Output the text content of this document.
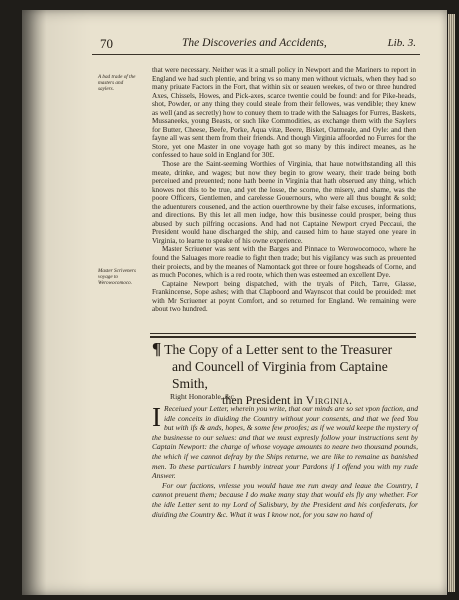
70	The Discoveries and Accidents,	Lib. 3.
A bad trade of the masters and saylers.
Master Scriveners voyage to Werowocomoco.

that were necessary. Neither was it a small policy in Newport and the Mariners to report in England we had such plentie, and bring vs so many men without victuals, when they had so many priuate Factors in the Fort, that within six or seauen weekes, of two or three hundred Axes, Chissels, Howes, and Pick-axes, scarce twentie could be found: and for Pike-heads, shot, Powder, or any thing they could steale from their fellowes, was vendible; they knew as well (and as secretly) how to conuey them to trade with the Saluages for Furres, Baskets, Mussaneeks, young Beasts, or such like Commodities, as exchange them with the Saylers for Butter, Cheese, Beefe, Porke, Aqua vitæ, Beere, Bisket, Oatmeale, and Oyle: and then fayne all was sent them from their friends. And though Virginia affoorded no Furres for the Store, yet one Master in one voyage hath got so many by this indirect meanes, as he confessed to haue sold in England for 30£.

Those are the Saint-seeming Worthies of Virginia, that haue notwithstanding all this meate, drinke, and wages; but now they begin to grow weary, their trade being both perceiued and preuented; none hath beene in Virginia that hath obserued any thing, which knowes not this to be true, and yet the losse, the scorne, the misery, and shame, was the poore Officers, Gentlemen, and carelesse Gouernours, who were all thus bought & sold; the aduenturers cousened, and the action ouerthrowne by their false excuses, informations, and directions. By this let all men iudge, how this businesse could prosper, being thus abused by such pilfring occasions. And had not Captaine Newport cryed Peccaui, the President would haue discharged the ship, and caused him to haue stayed one yeare in Virginia, to learne to speake of his owne experience.

Master Scriuener was sent with the Barges and Pinnace to Werowocomoco, where he found the Saluages more readie to fight then trade; but his vigilancy was such as preuented their proiects, and by the meanes of Namontack got three or foure hogsheads of Corne, and as much Pocones, which is a red roote, which then was esteemed an excellent Dye.

Captaine Newport being dispatched, with the tryals of Pitch, Tarre, Glasse, Frankincense, Sope ashes; with that Clapboord and Waynscot that could be prouided: met with Mr Scriuener at poynt Comfort, and so returned for England. We remaining were about two hundred.

¶ The Copy of a Letter sent to the Treasurer
and Councell of Virginia from Captaine Smith,
then President in Virginia.
Right Honorable, &c.

I Receiued your Letter, wherein you write, that our minds are so set vpon faction, and idle conceits in diuiding the Country without your consents, and that we feed You but with ifs & ands, hopes, & some few proofes; as if we would keepe the mystery of the businesse to our selues: and that we must expresly follow your instructions sent by Captain Newport: the charge of whose voyage amounts to neare two thousand pounds, the which if we cannot defray by the Ships returne, we are like to remaine as banished men. To these particulars I humbly intreat your Pardons if I offend you with my rude Answer.

For our factions, vnlesse you would haue me run away and leaue the Country, I cannot preuent them; because I do make many stay that would els fly any whether. For the idle Letter sent to my Lord of Salisbury, by the President and his confederats, for diuiding the Country &c. What it was I know not, for you saw no hand of
